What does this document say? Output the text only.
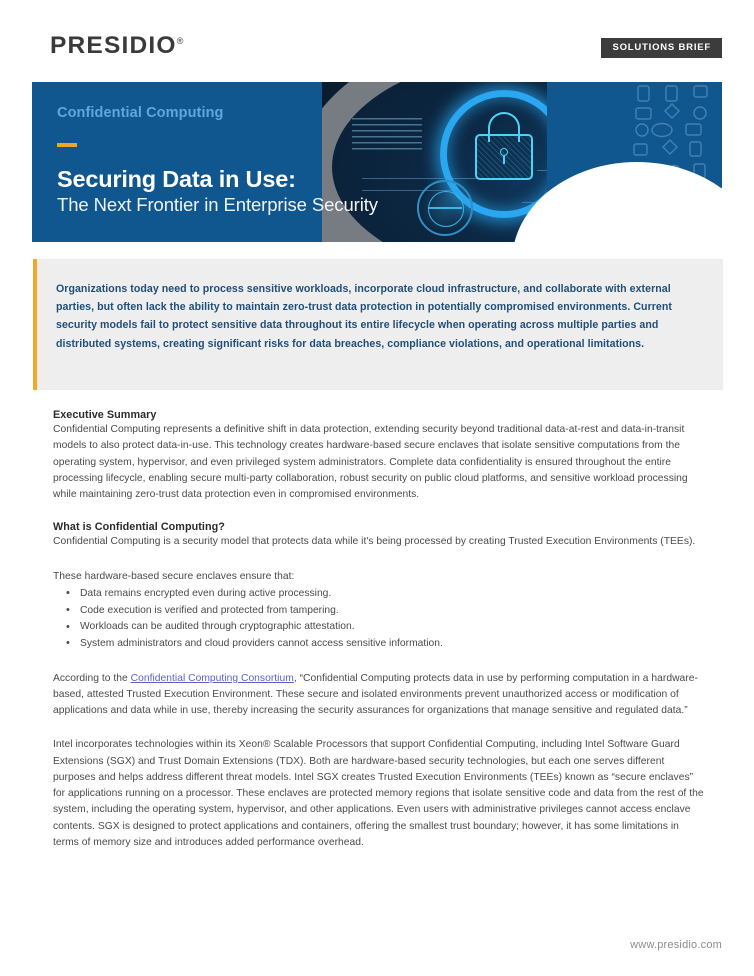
PRESIDIO®
SOLUTIONS BRIEF
Confidential Computing
Securing Data in Use:
The Next Frontier in Enterprise Security
Organizations today need to process sensitive workloads, incorporate cloud infrastructure, and collaborate with external parties, but often lack the ability to maintain zero-trust data protection in potentially compromised environments. Current security models fail to protect sensitive data throughout its entire lifecycle when operating across multiple parties and distributed systems, creating significant risks for data breaches, compliance violations, and operational limitations.
Executive Summary

Confidential Computing represents a definitive shift in data protection, extending security beyond traditional data-at-rest and data-in-transit models to also protect data-in-use. This technology creates hardware-based secure enclaves that isolate sensitive computations from the operating system, hypervisor, and even privileged system administrators. Complete data confidentiality is ensured throughout the entire processing lifecycle, enabling secure multi-party collaboration, robust security on public cloud platforms, and sensitive workload processing while maintaining zero-trust data protection even in compromised environments.

What is Confidential Computing?

Confidential Computing is a security model that protects data while it's being processed by creating Trusted Execution Environments (TEEs).

These hardware-based secure enclaves ensure that:

• Data remains encrypted even during active processing.
• Code execution is verified and protected from tampering.
• Workloads can be audited through cryptographic attestation.
• System administrators and cloud providers cannot access sensitive information.

According to the Confidential Computing Consortium, “Confidential Computing protects data in use by performing computation in a hardware-based, attested Trusted Execution Environment. These secure and isolated environments prevent unauthorized access or modification of applications and data while in use, thereby increasing the security assurances for organizations that manage sensitive and regulated data.”

Intel incorporates technologies within its Xeon® Scalable Processors that support Confidential Computing, including Intel Software Guard Extensions (SGX) and Trust Domain Extensions (TDX). Both are hardware-based security technologies, but each one serves different purposes and helps address different threat models. Intel SGX creates Trusted Execution Environments (TEEs) known as “secure enclaves” for applications running on a processor. These enclaves are protected memory regions that isolate sensitive code and data from the rest of the system, including the operating system, hypervisor, and other applications. Even users with administrative privileges cannot access enclave contents. SGX is designed to protect applications and containers, offering the smallest trust boundary; however, it has some limitations in terms of memory size and introduces added performance overhead.

www.presidio.com
